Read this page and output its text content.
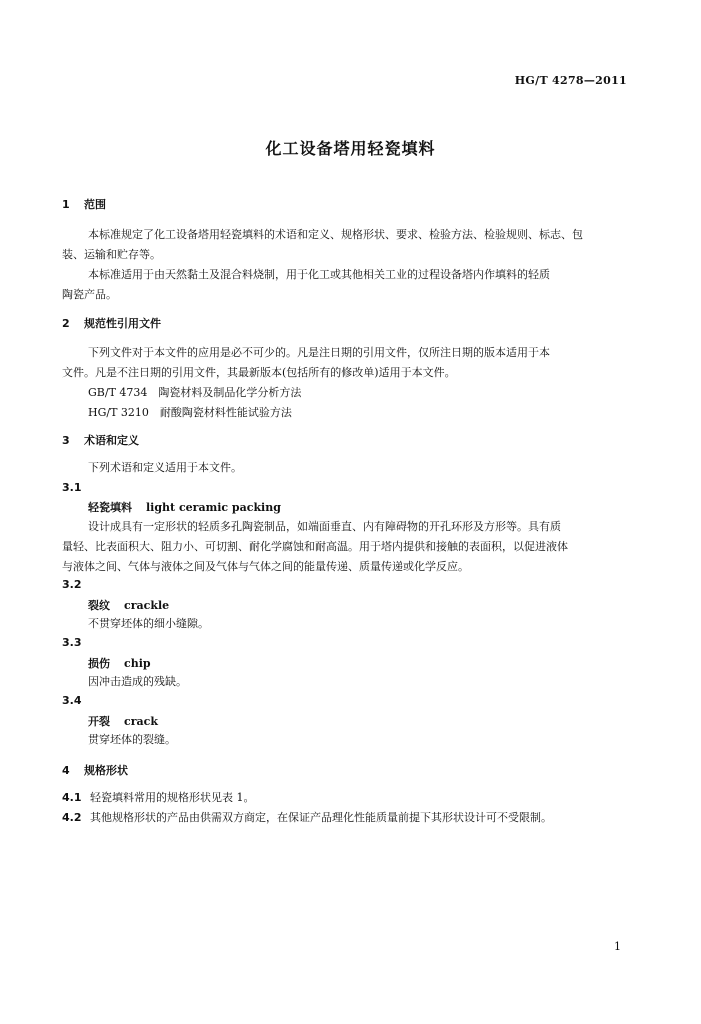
HG/T 4278—2011
化工设备塔用轻瓷填料
1 范围
本标准规定了化工设备塔用轻瓷填料的术语和定义、规格形状、要求、检验方法、检验规则、标志、包
装、运输和贮存等。
本标准适用于由天然黏土及混合料烧制，用于化工或其他相关工业的过程设备塔内作填料的轻质
陶瓷产品。
2 规范性引用文件
下列文件对于本文件的应用是必不可少的。凡是注日期的引用文件，仅所注日期的版本适用于本
文件。凡是不注日期的引用文件，其最新版本(包括所有的修改单)适用于本文件。
GB/T 4734　陶瓷材料及制品化学分析方法
HG/T 3210　耐酸陶瓷材料性能试验方法
3 术语和定义
下列术语和定义适用于本文件。
3.1
轻瓷填料 light ceramic packing
设计成具有一定形状的轻质多孔陶瓷制品，如端面垂直、内有障碍物的开孔环形及方形等。具有质
量轻、比表面积大、阻力小、可切割、耐化学腐蚀和耐高温。用于塔内提供和接触的表面积，以促进液体
与液体之间、气体与液体之间及气体与气体之间的能量传递、质量传递或化学反应。
3.2
裂纹 crackle
不贯穿坯体的细小缝隙。
3.3
损伤 chip
因冲击造成的残缺。
3.4
开裂 crack
贯穿坯体的裂缝。
4 规格形状
4.1 轻瓷填料常用的规格形状见表 1。
4.2 其他规格形状的产品由供需双方商定，在保证产品理化性能质量前提下其形状设计可不受限制。
1
